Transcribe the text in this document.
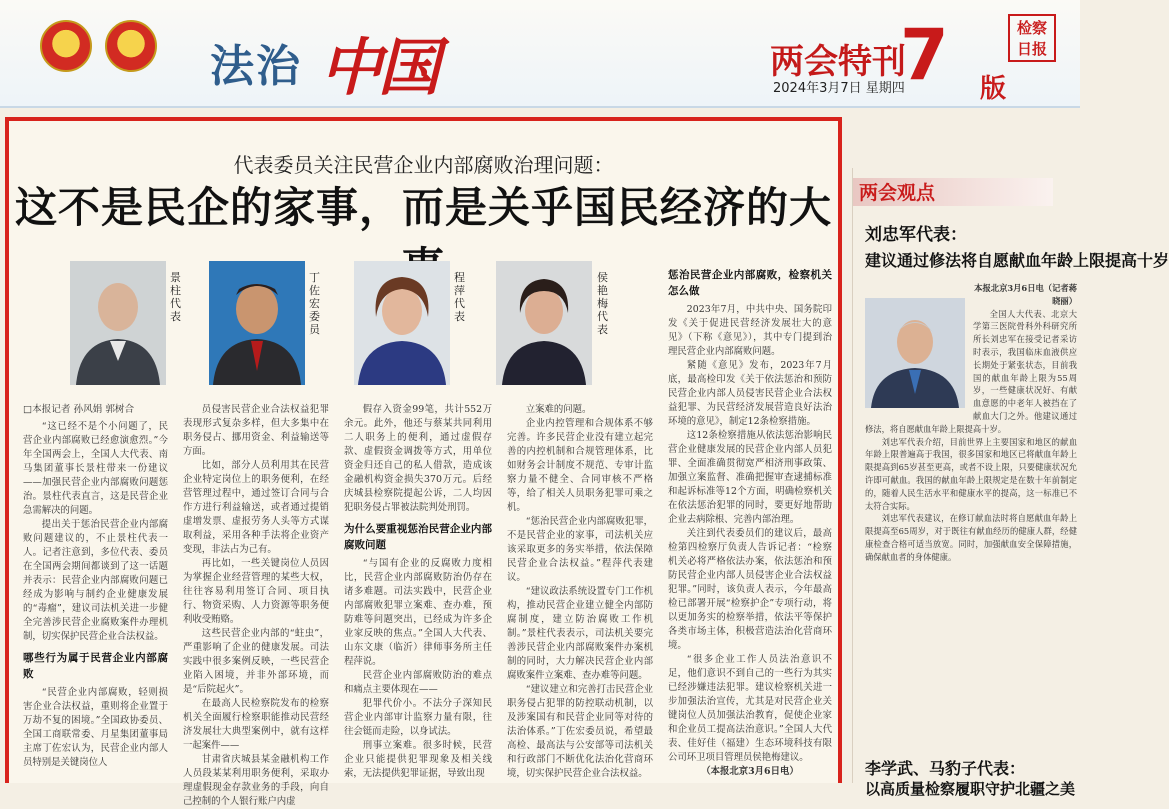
法治 中国	两会特刊
2024年3月7日 星期四
7 版
检察日报
代表委员关注民营企业内部腐败治理问题：
这不是民企的家事，而是关乎国民经济的大
景柱代表
丁佐宏委员
程萍代表
侯艳梅代表

□本报记者 孙风娟 郭树合

“这已经不是个小问题了，民营企业内部腐败已经愈演愈烈。”今年全国两会上，全国人大代表、南马集团董事长景柱带来一份建议——加强民营企业内部腐败问题惩治。景柱代表直言，这是民营企业急需解决的问题。

提出关于惩治民营企业内部腐败问题建议的，不止景柱代表一人。记者注意到，多位代表、委员在全国两会期间都谈到了这一话题并表示：民营企业内部腐败问题已经成为影响与制约企业健康发展的“毒瘤”，建议司法机关进一步健全完善涉民营企业腐败案件办理机制，切实保护民营企业合法权益。

哪些行为属于民营企业内部腐败

“民营企业内部腐败，轻则损害企业合法权益，重则将企业置于万劫不复的困境。”全国政协委员、全国工商联常委、月星集团董事局主席丁佐宏认为，民营企业内部人员特别是关键岗位人

员侵害民营企业合法权益犯罪表现形式复杂多样，但大多集中在职务侵占、挪用资金、利益输送等方面。

比如，部分人员利用其在民营企业特定岗位上的职务便利，在经营管理过程中，通过签订合同与合作方进行利益输送，或者通过提销虚增发票、虚报劳务人头等方式谋取利益，采用各种手法将企业资产变现，非法占为己有。

再比如，一些关键岗位人员因为掌握企业经营管理的某些大权，往往容易利用签订合同、项目执行、物资采购、人力资源等职务便利收受贿赂。

这些民营企业内部的“蛀虫”，严重影响了企业的健康发展。司法实践中很多案例反映，一些民营企业陷入困境，并非外部环境，而是“后院起火”。

在最高人民检察院发布的检察机关全面履行检察职能推动民营经济发展壮大典型案例中，就有这样一起案件——

甘肃省庆城县某金融机构工作人员段某某利用职务便利，采取办理虚假现金存款业务的手段，向自己控制的个人银行账户内虚

假存入资金99笔，共计552万余元。此外，他还与蔡某共同利用二人职务上的便利，通过虚假存款、虚假资金调拨等方式，用单位资金归还自己的私人借款，造成该金融机构资金损失370万元。后经庆城县检察院提起公诉，二人均因犯职务侵占罪被法院判处刑罚。

为什么要重视惩治民营企业内部腐败问题

“与国有企业的反腐败力度相比，民营企业内部腐败防治仍存在诸多难题。司法实践中，民营企业内部腐败犯罪立案难、查办难，预防难等问题突出，已经成为许多企业家反映的焦点。”全国人大代表、山东文康（临沂）律师事务所主任程萍说。

民营企业内部腐败防治的难点和痛点主要体现在——

犯罪代价小。不法分子深知民营企业内部审计监察力量有限，往往会铤而走险，以身试法。

刑事立案难。很多时候，民营企业只能提供犯罪现象及相关线索，无法提供犯罪证据，导致出现

立案难的问题。

企业内控管理和合规体系不够完善。许多民营企业没有建立起完善的内控机制和合规管理体系，比如财务会计制度不规范、专审计监察力量不健全、合同审核不严格等，给了相关人员职务犯罪可乘之机。

“惩治民营企业内部腐败犯罪，不是民营企业的家事，司法机关应该采取更多的务实举措，依法保障民营企业合法权益。”程萍代表建议。

“建议政法系统设置专门工作机构，推动民营企业建立健全内部防腐制度，建立防治腐败工作机制。”景柱代表表示，司法机关要完善涉民营企业内部腐败案件办案机制的同时，大力解决民营企业内部腐败案件立案难、查办难等问题。

“建议建立和完善打击民营企业职务侵占犯罪的防控联动机制，以及涉案国有和民营企业同等对待的法治体系。”丁佐宏委员说，希望最高检、最高法与公安部等司法机关和行政部门不断优化法治化营商环境，切实保护民营企业合法权益。

惩治民营企业内部腐败，检察机关怎么做

2023年7月，中共中央、国务院印发《关于促进民营经济发展壮大的意见》（下称《意见》），其中专门提到治理民营企业内部腐败问题。

紧随《意见》发布，2023年7月底，最高检印发《关于依法惩治和预防民营企业内部人员侵害民营企业合法权益犯罪、为民营经济发展营造良好法治环境的意见》，制定12条检察措施。

这12条检察措施从依法惩治影响民营企业健康发展的民营企业内部人员犯罪、全面准确贯彻宽严相济刑事政策、加强立案监督、准确把握审查逮捕标准和起诉标准等12个方面，明确检察机关在依法惩治犯罪的同时，要更好地帮助企业去病除根、完善内部治理。

关注到代表委员们的建议后，最高检第四检察厅负责人告诉记者：“检察机关必将严格依法办案，依法惩治和预防民营企业内部人员侵害企业合法权益犯罪。”同时，该负责人表示，今年最高检已部署开展“检察护企”专项行动，将以更加务实的检察举措，依法平等保护各类市场主体，积极营造法治化营商环境。

“很多企业工作人员法治意识不足，他们意识不到自己的一些行为其实已经涉嫌违法犯罪。建议检察机关进一步加强法治宣传，尤其是对民营企业关键岗位人员加强法治教育，促使企业家和企业员工提高法治意识。”全国人大代表、佳好佳（福建）生态环境科技有限公司环卫项目管理员侯艳梅建议。

（本报北京3月6日电）

两会观点
刘忠军代表：
建议通过修法将自愿献血年龄上限提高十岁

本报北京3月6日电（记者蒋晓丽）

全国人大代表、北京大学第三医院骨科外科研究所所长刘忠军在接受记者采访时表示，我国临床血液供应长期处于紧张状态，目前我国的献血年龄上限为55周岁，一些健康状况好、有献血意愿的中老年人被挡在了献血大门之外。他建议通过修法，将自愿献血年龄上限提高十岁。

刘忠军代表介绍，目前世界上主要国家和地区的献血年龄上限普遍高于我国，很多国家和地区已将献血年龄上限提高到65岁甚至更高，或者不设上限，只要健康状况允许即可献血。我国的献血年龄上限规定是在数十年前制定的，随着人民生活水平和健康水平的提高，这一标准已不太符合实际。

刘忠军代表建议，在修订献血法时将自愿献血年龄上限提高至65周岁，对于既往有献血经历的健康人群，经健康检查合格可适当放宽。同时，加强献血安全保障措施，确保献血者的身体健康。

李学武、马豹子代表：
以高质量检察履职守护北疆之美
